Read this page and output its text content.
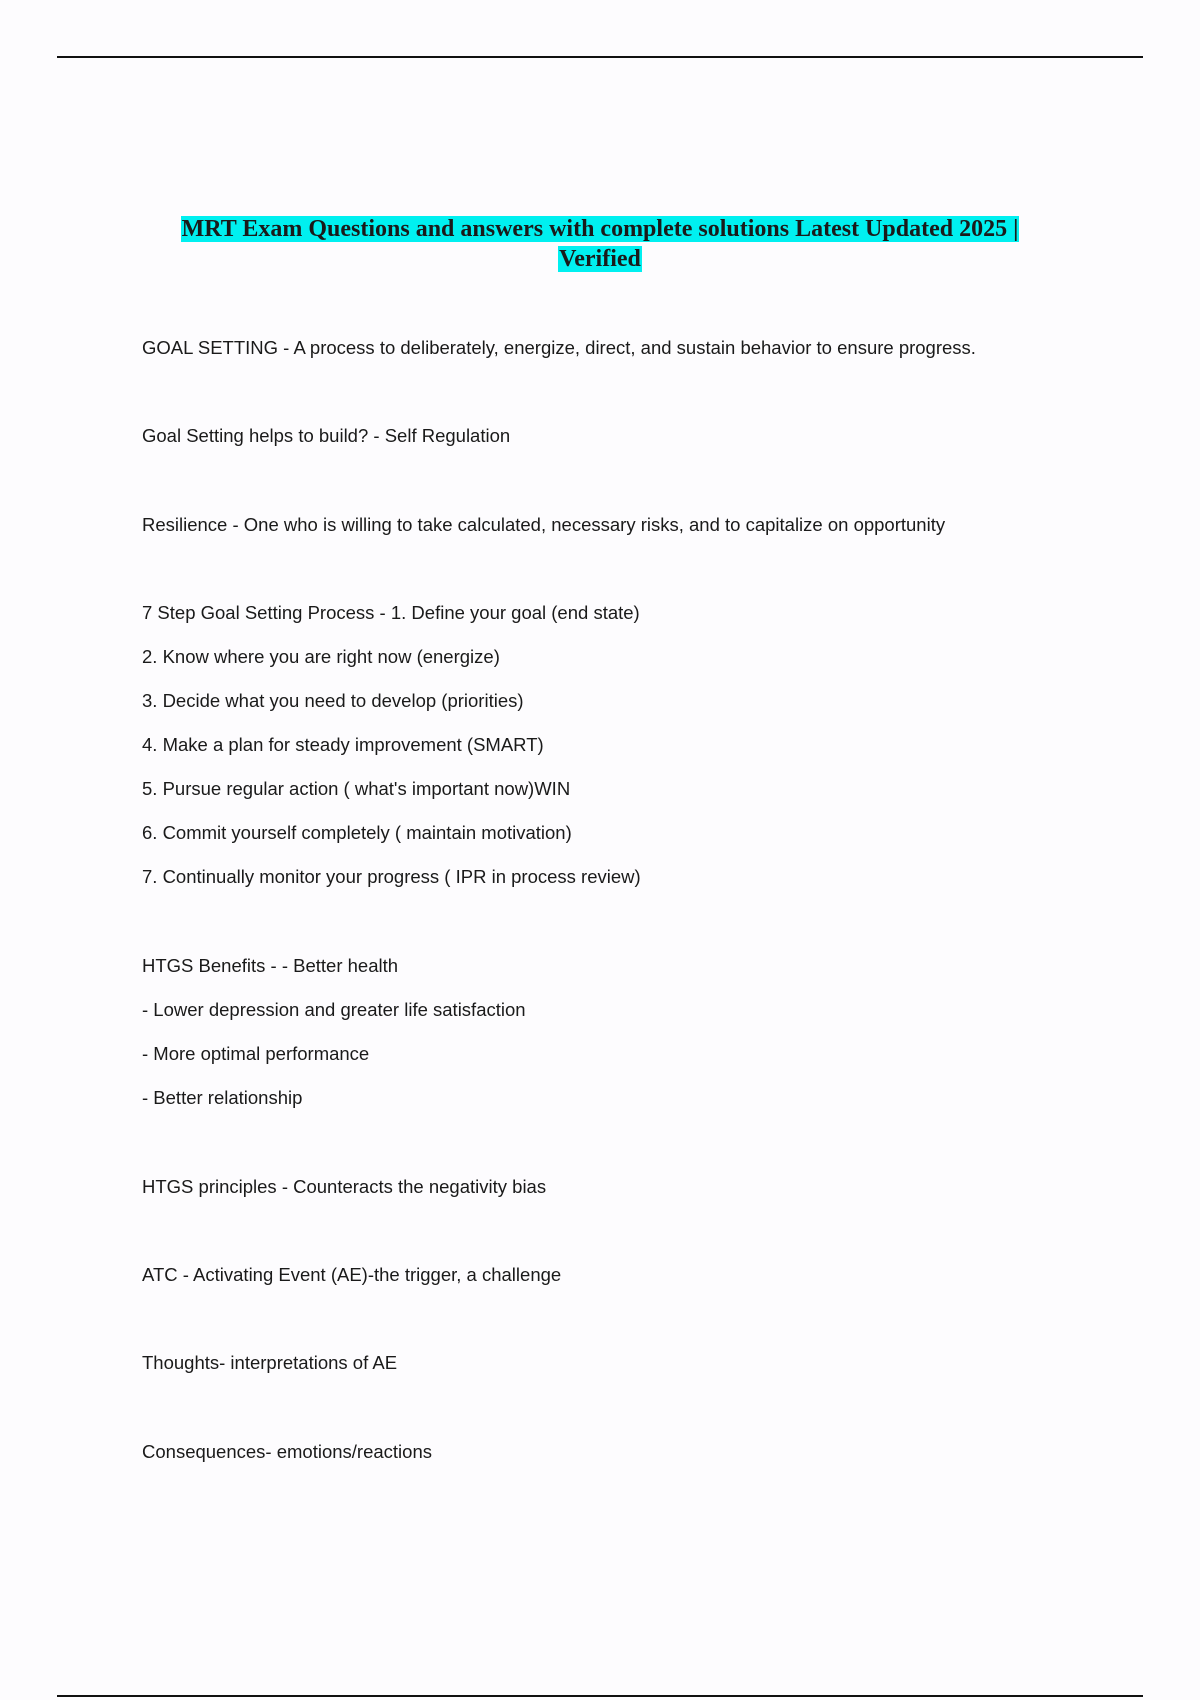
MRT Exam Questions and answers with complete solutions Latest Updated 2025 |
Verified

GOAL SETTING - A process to deliberately, energize, direct, and sustain behavior to ensure progress.

Goal Setting helps to build? - Self Regulation

Resilience - One who is willing to take calculated, necessary risks, and to capitalize on opportunity

7 Step Goal Setting Process - 1. Define your goal (end state)

2. Know where you are right now (energize)

3. Decide what you need to develop (priorities)

4. Make a plan for steady improvement (SMART)

5. Pursue regular action ( what's important now)WIN

6. Commit yourself completely ( maintain motivation)

7. Continually monitor your progress ( IPR in process review)

HTGS Benefits - - Better health

- Lower depression and greater life satisfaction

- More optimal performance

- Better relationship

HTGS principles - Counteracts the negativity bias

ATC - Activating Event (AE)-the trigger, a challenge

Thoughts- interpretations of AE

Consequences- emotions/reactions
